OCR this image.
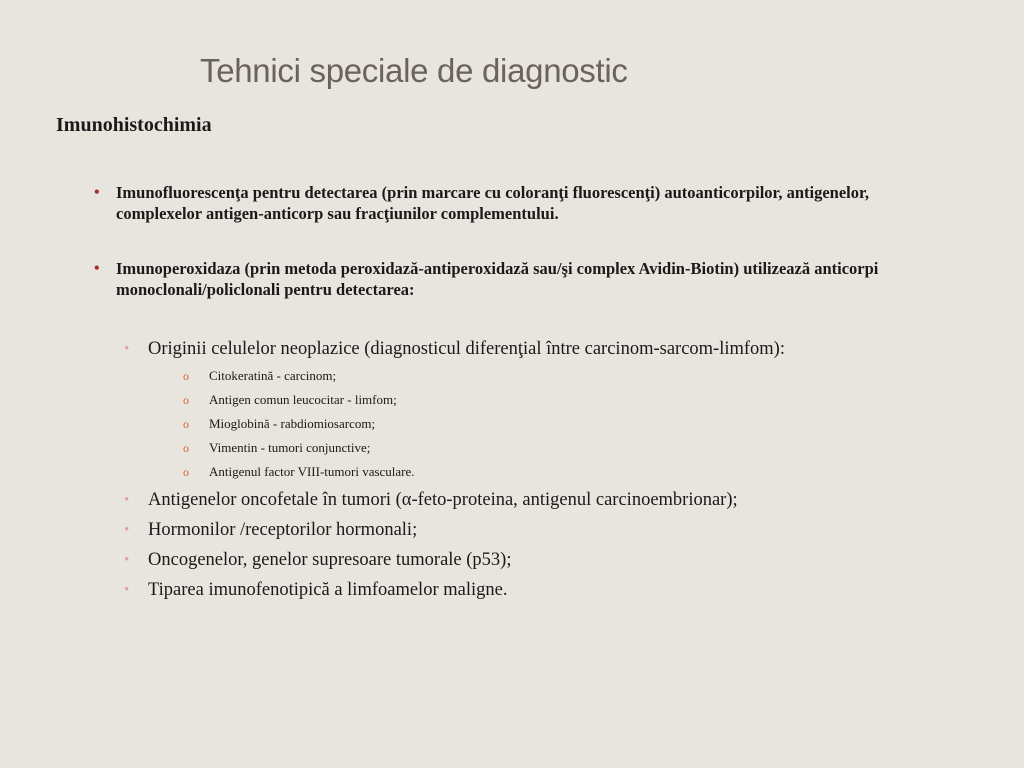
Tehnici speciale de diagnostic
Imunohistochimia
• Imunofluorescenţa pentru detectarea (prin marcare cu coloranţi fluorescenţi) autoanticorpilor, antigenelor, complexelor antigen-anticorp sau fracţiunilor complementului.
• Imunoperoxidaza (prin metoda peroxidază-antiperoxidază sau/şi complex Avidin-Biotin) utilizează anticorpi monoclonali/policlonali pentru detectarea:
• Originii celulelor neoplazice (diagnosticul diferenţial între carcinom-sarcom-limfom):
o Citokeratină - carcinom;
o Antigen comun leucocitar - limfom;
o Mioglobină - rabdiomiosarcom;
o Vimentin - tumori conjunctive;
o Antigenul factor VIII-tumori vasculare.
• Antigenelor oncofetale în tumori (α-feto-proteina, antigenul carcinoembrionar);
• Hormonilor /receptorilor hormonali;
• Oncogenelor, genelor supresoare tumorale (p53);
• Tiparea imunofenotipică a limfoamelor maligne.
